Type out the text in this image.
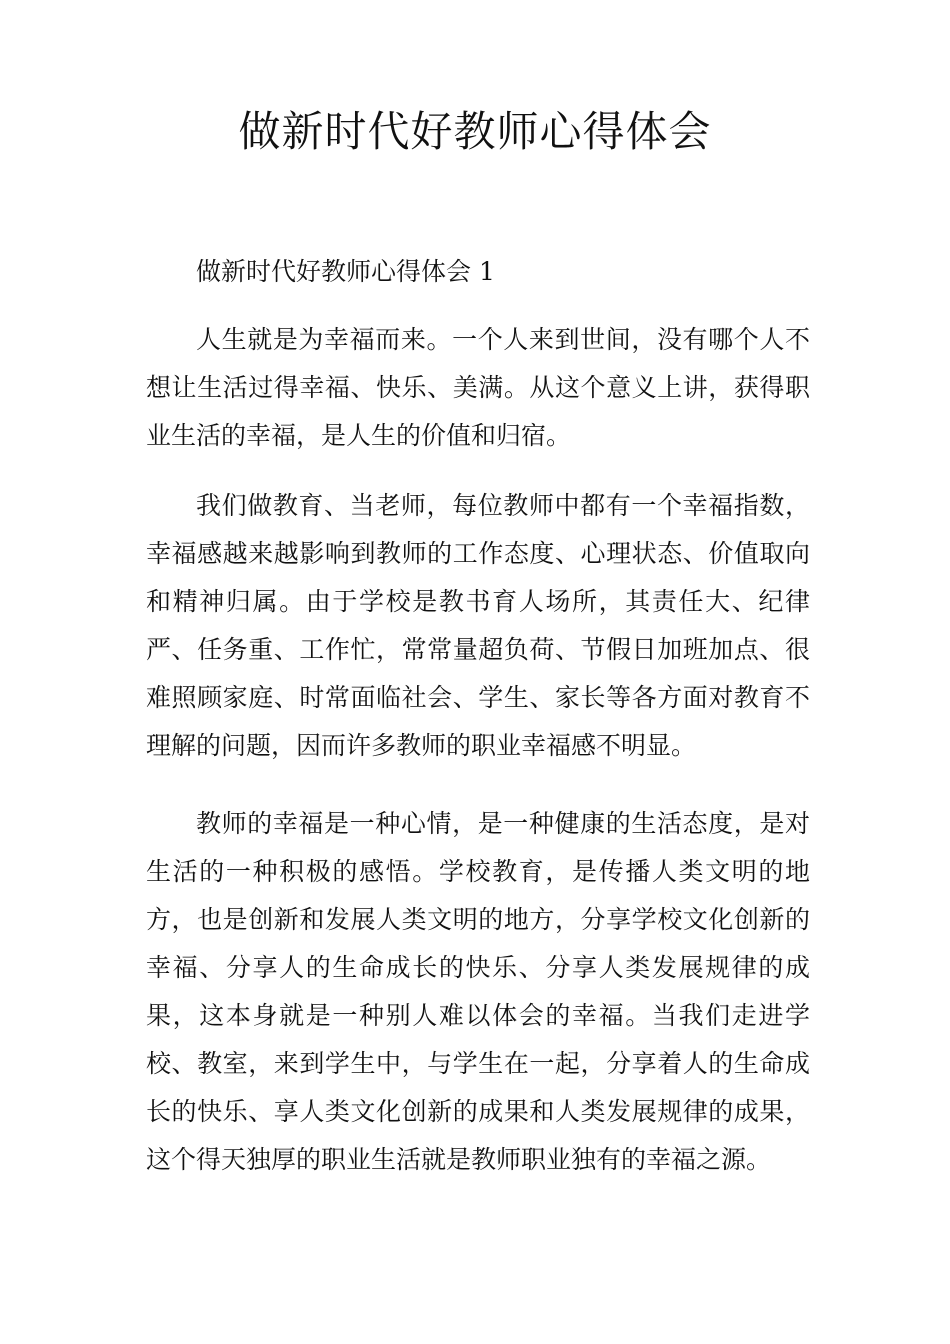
做新时代好教师心得体会

做新时代好教师心得体会 1

人生就是为幸福而来。一个人来到世间，没有哪个人不想让生活过得幸福、快乐、美满。从这个意义上讲，获得职业生活的幸福，是人生的价值和归宿。

我们做教育、当老师，每位教师中都有一个幸福指数，幸福感越来越影响到教师的工作态度、心理状态、价值取向和精神归属。由于学校是教书育人场所，其责任大、纪律严、任务重、工作忙，常常量超负荷、节假日加班加点、很难照顾家庭、时常面临社会、学生、家长等各方面对教育不理解的问题，因而许多教师的职业幸福感不明显。

教师的幸福是一种心情，是一种健康的生活态度，是对生活的一种积极的感悟。学校教育，是传播人类文明的地方，也是创新和发展人类文明的地方，分享学校文化创新的幸福、分享人的生命成长的快乐、分享人类发展规律的成果，这本身就是一种别人难以体会的幸福。当我们走进学校、教室，来到学生中，与学生在一起，分享着人的生命成长的快乐、享人类文化创新的成果和人类发展规律的成果，这个得天独厚的职业生活就是教师职业独有的幸福之源。
